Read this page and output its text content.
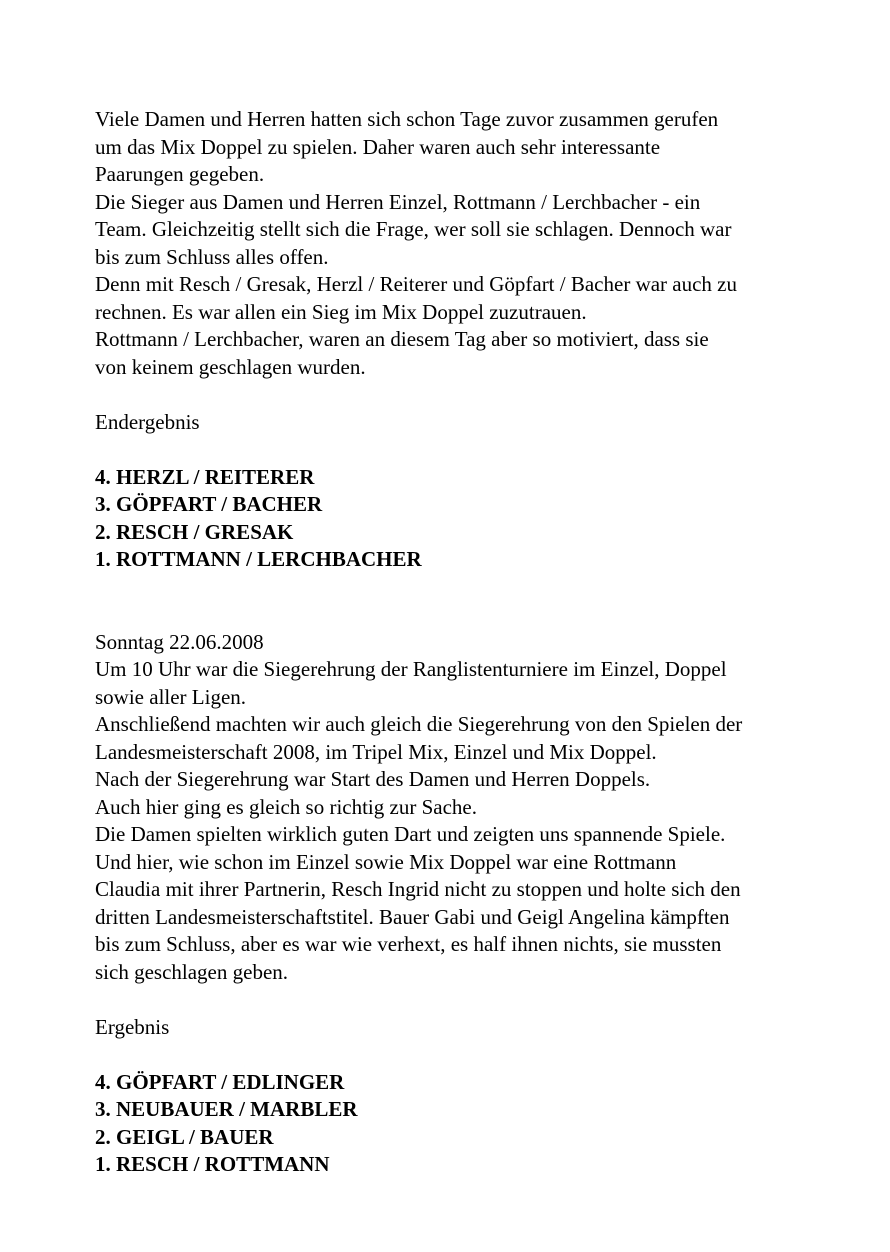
Viele Damen und Herren hatten sich schon Tage zuvor zusammen gerufen
um das Mix Doppel zu spielen. Daher waren auch sehr interessante
Paarungen gegeben.
Die Sieger aus Damen und Herren Einzel, Rottmann / Lerchbacher - ein
Team. Gleichzeitig stellt sich die Frage, wer soll sie schlagen. Dennoch war
bis zum Schluss alles offen.
Denn mit Resch / Gresak, Herzl / Reiterer und Göpfart / Bacher war auch zu
rechnen. Es war allen ein Sieg im Mix Doppel zuzutrauen.
Rottmann / Lerchbacher, waren an diesem Tag aber so motiviert, dass sie
von keinem geschlagen wurden.
Endergebnis
4. HERZL / REITERER
3. GÖPFART / BACHER
2. RESCH / GRESAK
1. ROTTMANN / LERCHBACHER
Sonntag 22.06.2008
Um 10 Uhr war die Siegerehrung der Ranglistenturniere im Einzel, Doppel
sowie aller Ligen.
Anschließend machten wir auch gleich die Siegerehrung von den Spielen der
Landesmeisterschaft 2008, im Tripel Mix, Einzel und Mix Doppel.
Nach der Siegerehrung war Start des Damen und Herren Doppels.
Auch hier ging es gleich so richtig zur Sache.
Die Damen spielten wirklich guten Dart und zeigten uns spannende Spiele.
Und hier, wie schon im Einzel sowie Mix Doppel war eine Rottmann
Claudia mit ihrer Partnerin, Resch Ingrid nicht zu stoppen und holte sich den
dritten Landesmeisterschaftstitel. Bauer Gabi und Geigl Angelina kämpften
bis zum Schluss, aber es war wie verhext, es half ihnen nichts, sie mussten
sich geschlagen geben.
Ergebnis
4. GÖPFART / EDLINGER
3. NEUBAUER / MARBLER
2. GEIGL / BAUER
1. RESCH / ROTTMANN
